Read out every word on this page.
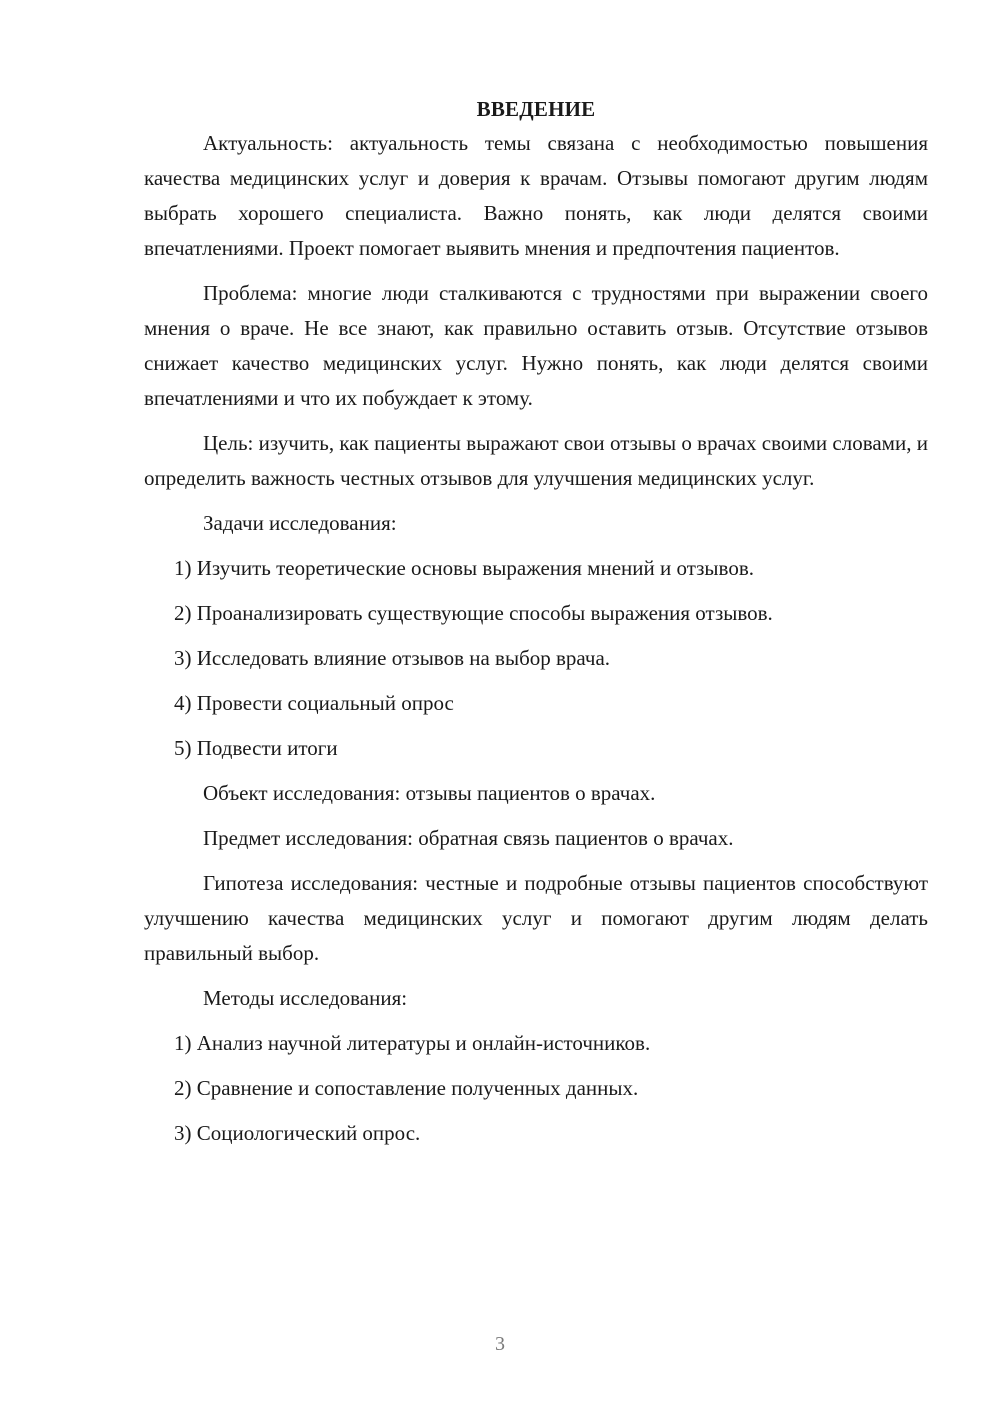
ВВЕДЕНИЕ

Актуальность: актуальность темы связана с необходимостью повышения качества медицинских услуг и доверия к врачам. Отзывы помогают другим людям выбрать хорошего специалиста. Важно понять, как люди делятся своими впечатлениями. Проект помогает выявить мнения и предпочтения пациентов.

Проблема: многие люди сталкиваются с трудностями при выражении своего мнения о враче. Не все знают, как правильно оставить отзыв. Отсутствие отзывов снижает качество медицинских услуг. Нужно понять, как люди делятся своими впечатлениями и что их побуждает к этому.

Цель: изучить, как пациенты выражают свои отзывы о врачах своими словами, и определить важность честных отзывов для улучшения медицинских услуг.

Задачи исследования:
1) Изучить теоретические основы выражения мнений и отзывов.
2) Проанализировать существующие способы выражения отзывов.
3) Исследовать влияние отзывов на выбор врача.
4) Провести социальный опрос
5) Подвести итоги
Объект исследования: отзывы пациентов о врачах.
Предмет исследования: обратная связь пациентов о врачах.

Гипотеза исследования: честные и подробные отзывы пациентов способствуют улучшению качества медицинских услуг и помогают другим людям делать правильный выбор.

Методы исследования:
1) Анализ научной литературы и онлайн-источников.
2) Сравнение и сопоставление полученных данных.
3) Социологический опрос.
3
